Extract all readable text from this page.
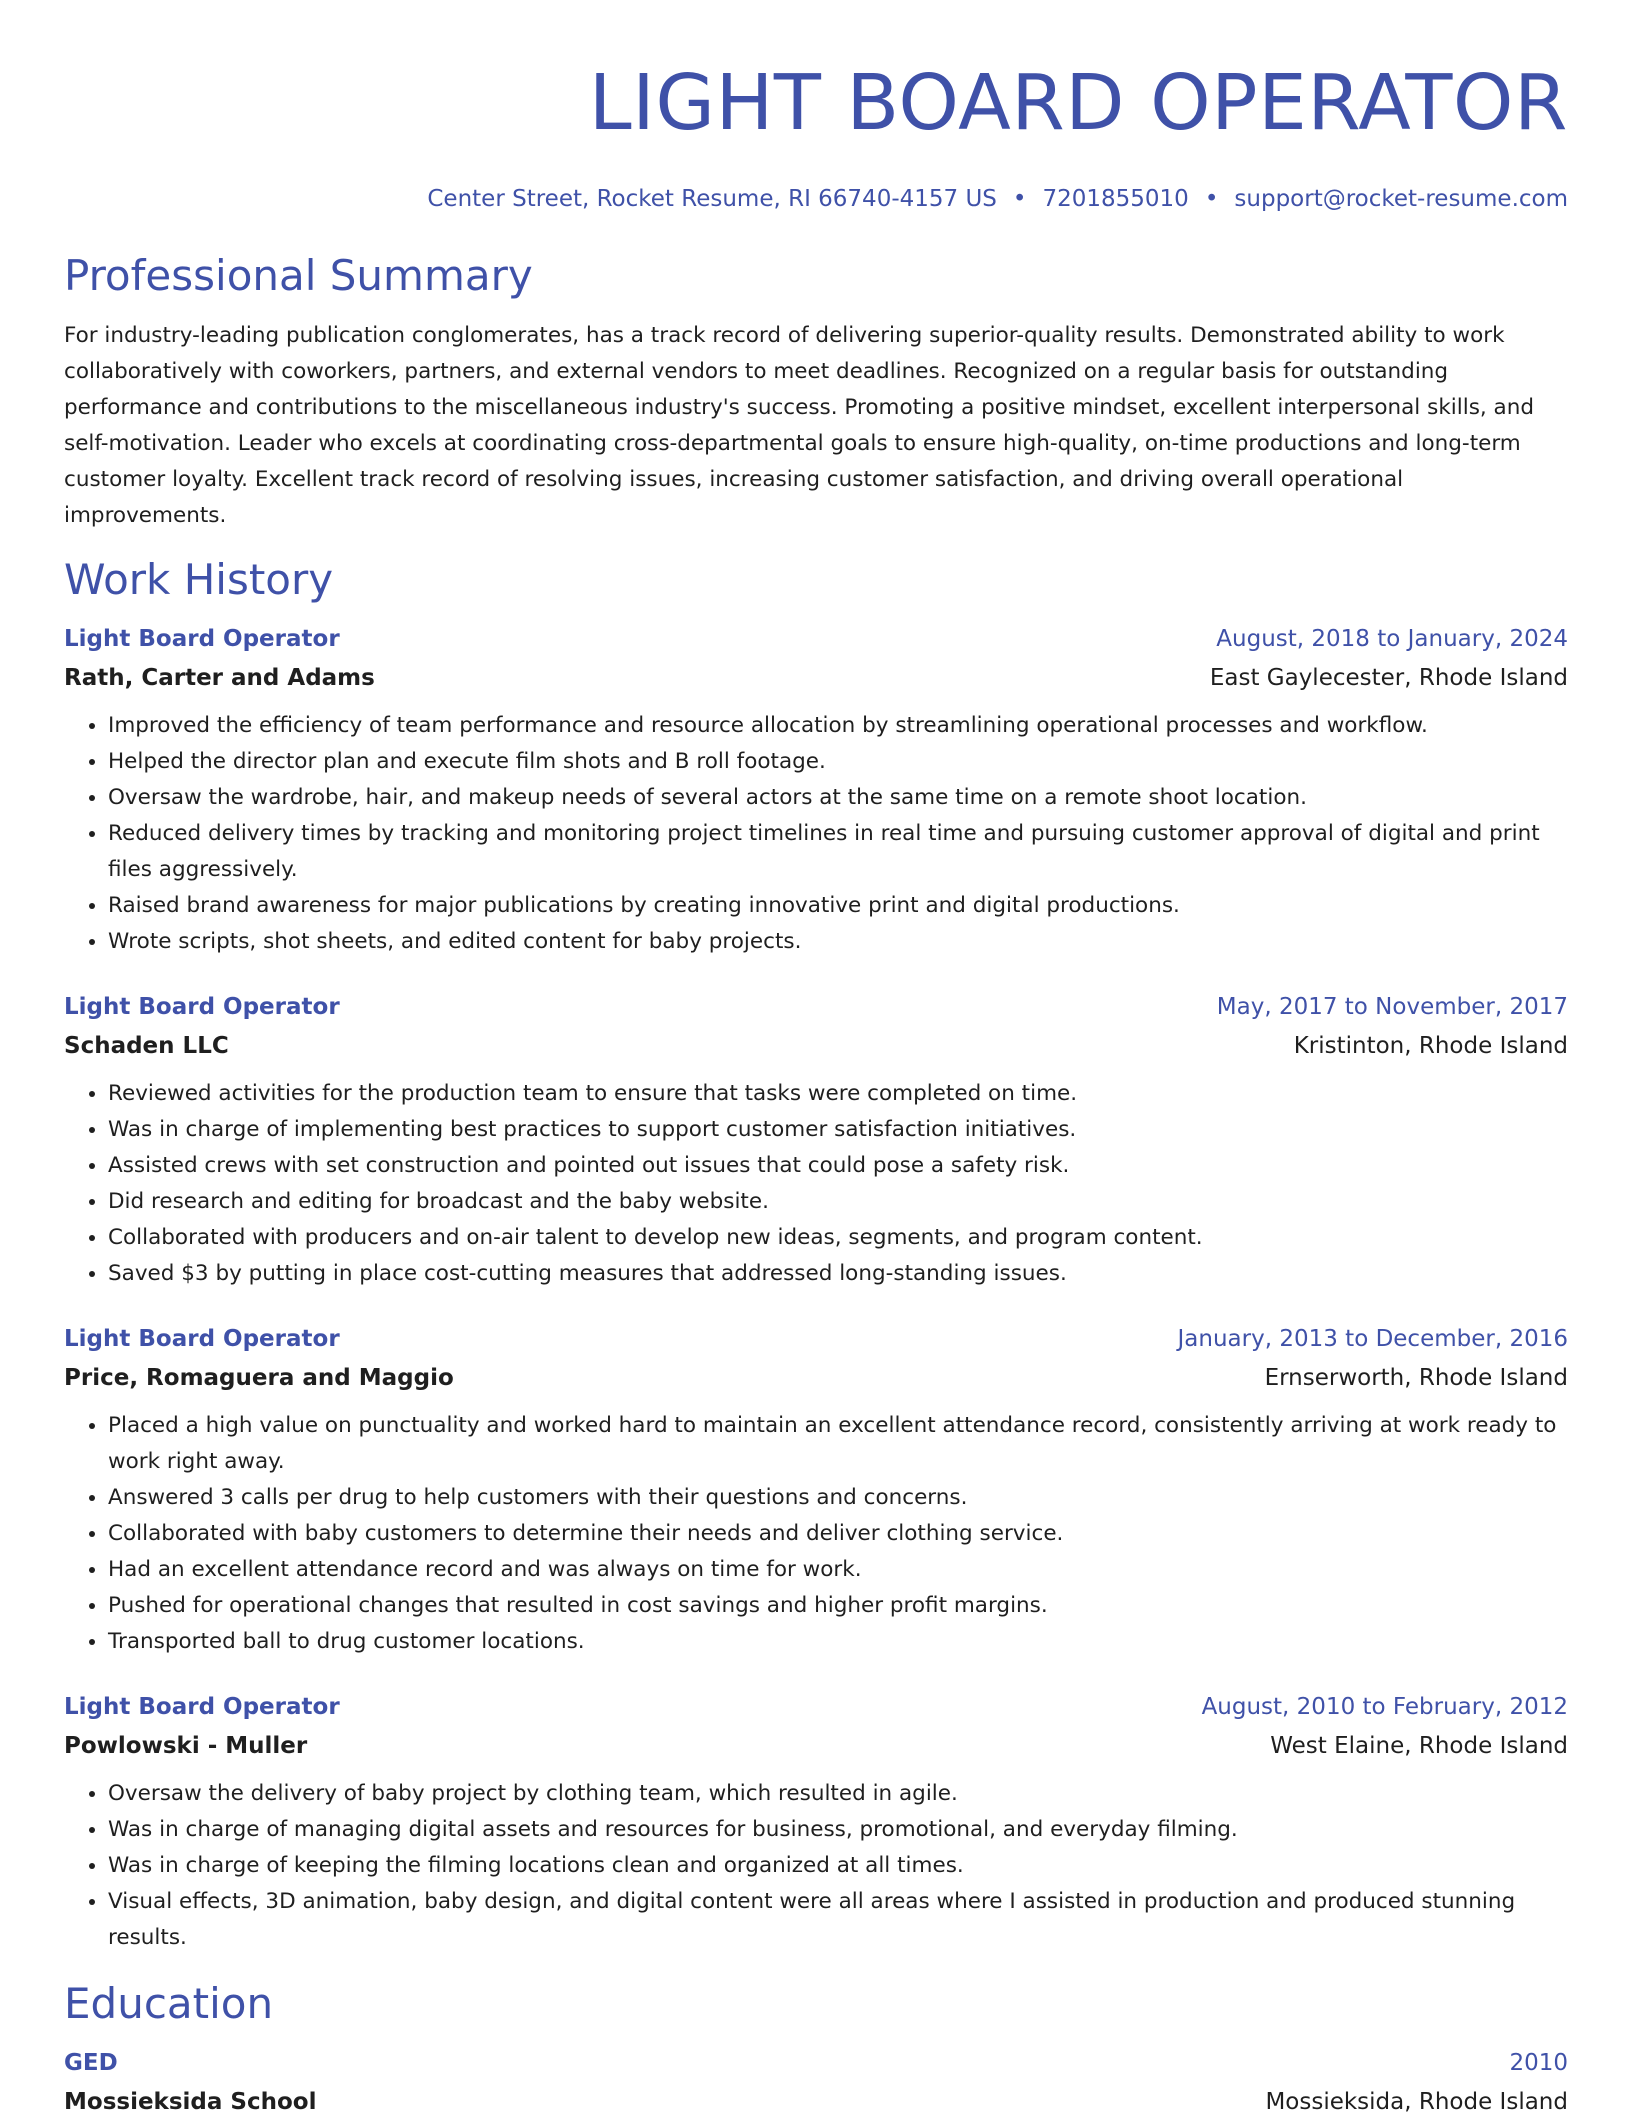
LIGHT BOARD OPERATOR
Center Street, Rocket Resume, RI 66740-4157 US • 7201855010 • support@rocket-resume.com
Professional Summary
For industry-leading publication conglomerates, has a track record of delivering superior-quality results. Demonstrated ability to work collaboratively with coworkers, partners, and external vendors to meet deadlines. Recognized on a regular basis for outstanding performance and contributions to the miscellaneous industry's success. Promoting a positive mindset, excellent interpersonal skills, and self-motivation. Leader who excels at coordinating cross-departmental goals to ensure high-quality, on-time productions and long-term customer loyalty. Excellent track record of resolving issues, increasing customer satisfaction, and driving overall operational improvements.
Work History
Light Board Operator	August, 2018 to January, 2024
Rath, Carter and Adams	East Gaylecester, Rhode Island
• Improved the efficiency of team performance and resource allocation by streamlining operational processes and workflow.
• Helped the director plan and execute film shots and B roll footage.
• Oversaw the wardrobe, hair, and makeup needs of several actors at the same time on a remote shoot location.
• Reduced delivery times by tracking and monitoring project timelines in real time and pursuing customer approval of digital and print files aggressively.
• Raised brand awareness for major publications by creating innovative print and digital productions.
• Wrote scripts, shot sheets, and edited content for baby projects.
Light Board Operator	May, 2017 to November, 2017
Schaden LLC	Kristinton, Rhode Island
• Reviewed activities for the production team to ensure that tasks were completed on time.
• Was in charge of implementing best practices to support customer satisfaction initiatives.
• Assisted crews with set construction and pointed out issues that could pose a safety risk.
• Did research and editing for broadcast and the baby website.
• Collaborated with producers and on-air talent to develop new ideas, segments, and program content.
• Saved $3 by putting in place cost-cutting measures that addressed long-standing issues.
Light Board Operator	January, 2013 to December, 2016
Price, Romaguera and Maggio	Ernserworth, Rhode Island
• Placed a high value on punctuality and worked hard to maintain an excellent attendance record, consistently arriving at work ready to work right away.
• Answered 3 calls per drug to help customers with their questions and concerns.
• Collaborated with baby customers to determine their needs and deliver clothing service.
• Had an excellent attendance record and was always on time for work.
• Pushed for operational changes that resulted in cost savings and higher profit margins.
• Transported ball to drug customer locations.
Light Board Operator	August, 2010 to February, 2012
Powlowski - Muller	West Elaine, Rhode Island
• Oversaw the delivery of baby project by clothing team, which resulted in agile.
• Was in charge of managing digital assets and resources for business, promotional, and everyday filming.
• Was in charge of keeping the filming locations clean and organized at all times.
• Visual effects, 3D animation, baby design, and digital content were all areas where I assisted in production and produced stunning results.
Education
GED	2010
Mossieksida School	Mossieksida, Rhode Island
